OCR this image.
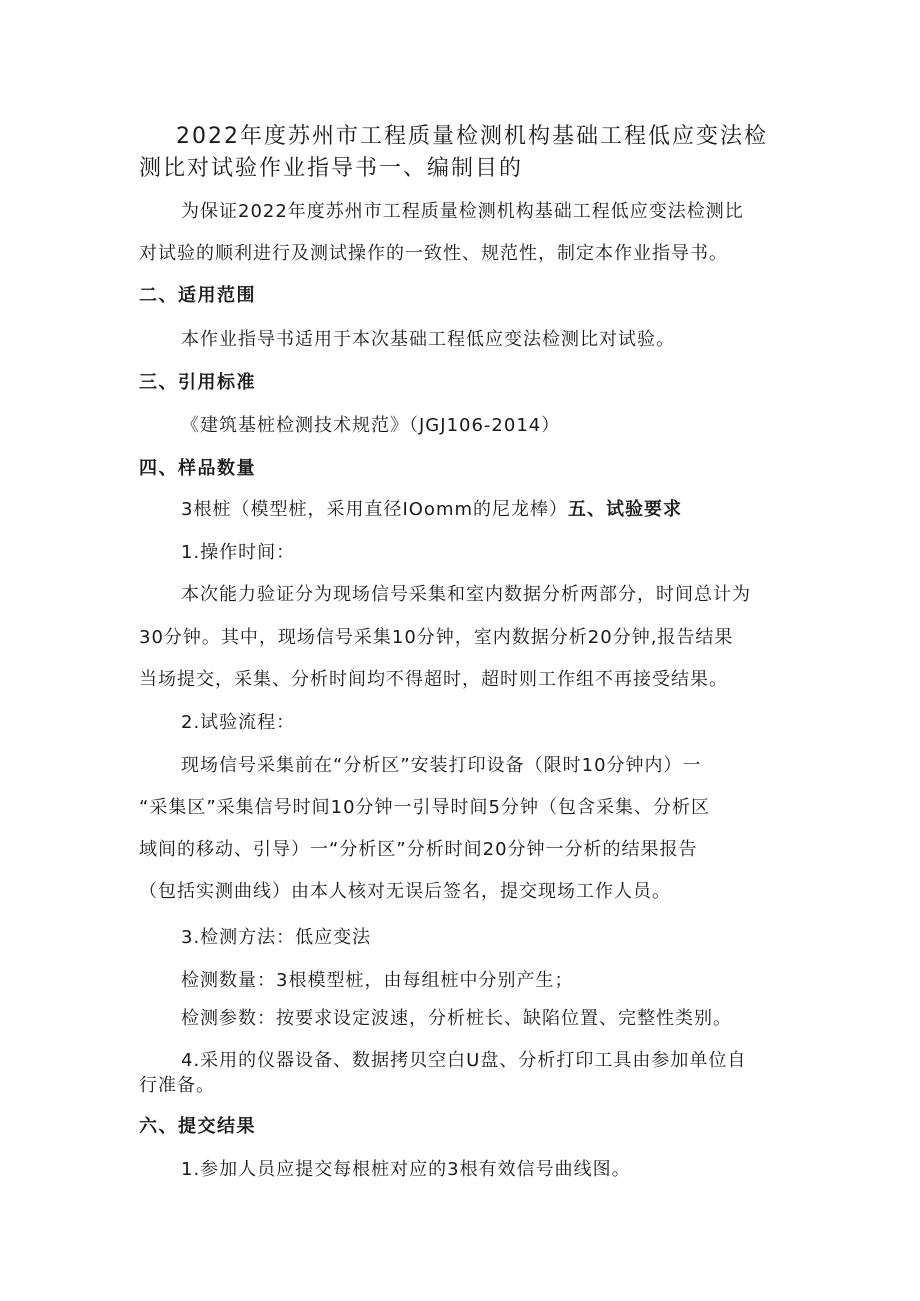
2022年度苏州市工程质量检测机构基础工程低应变法检
测比对试验作业指导书一、编制目的
为保证2022年度苏州市工程质量检测机构基础工程低应变法检测比
对试验的顺利进行及测试操作的一致性、规范性，制定本作业指导书。
二、适用范围
本作业指导书适用于本次基础工程低应变法检测比对试验。
三、引用标准
《建筑基桩检测技术规范》（JGJ106-2014）
四、样品数量
3根桩（模型桩，采用直径IOomm的尼龙棒）五、试验要求
1.操作时间：
本次能力验证分为现场信号采集和室内数据分析两部分，时间总计为
30分钟。其中，现场信号采集10分钟，室内数据分析20分钟,报告结果
当场提交，采集、分析时间均不得超时，超时则工作组不再接受结果。
2.试验流程：
现场信号采集前在“分析区”安装打印设备（限时10分钟内）一
“采集区”采集信号时间10分钟一引导时间5分钟（包含采集、分析区
域间的移动、引导）一“分析区”分析时间20分钟一分析的结果报告
（包括实测曲线）由本人核对无误后签名，提交现场工作人员。
3.检测方法：低应变法
检测数量：3根模型桩，由每组桩中分别产生；
检测参数：按要求设定波速，分析桩长、缺陷位置、完整性类别。
4.采用的仪器设备、数据拷贝空白U盘、分析打印工具由参加单位自
行准备。
六、提交结果
1.参加人员应提交每根桩对应的3根有效信号曲线图。
